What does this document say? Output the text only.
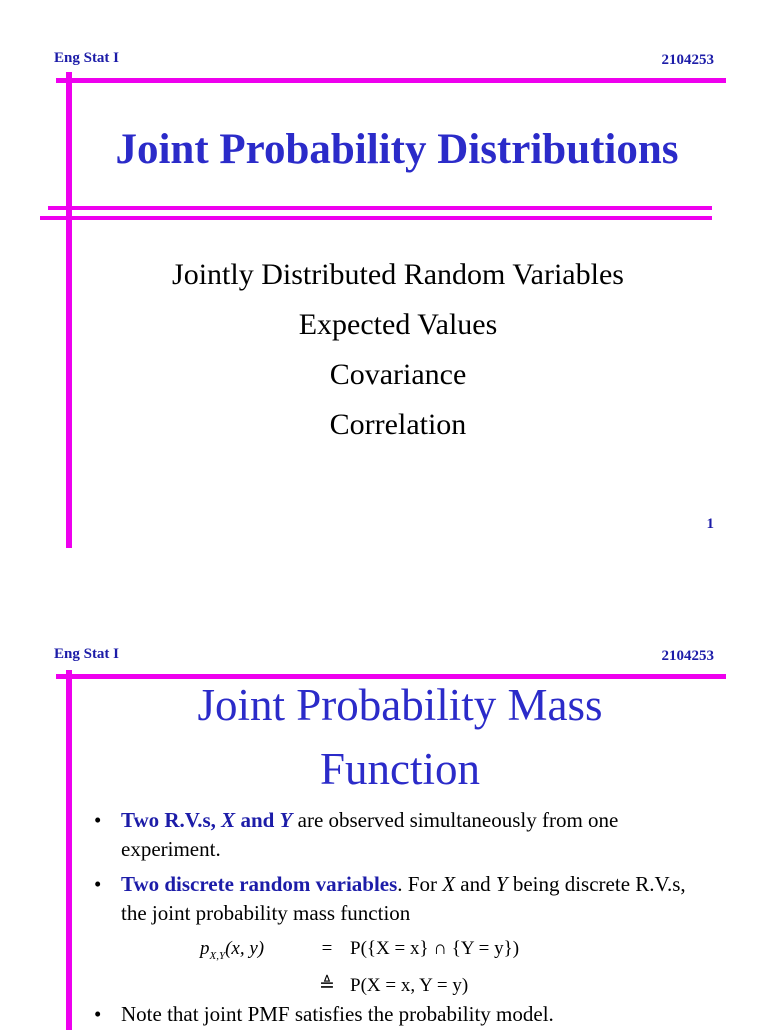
Eng Stat I	2104253
Joint Probability Distributions
Jointly Distributed Random Variables
Expected Values
Covariance
Correlation
1
Eng Stat I	2104253
Joint Probability Mass
Function
• Two R.V.s, X and Y are observed simultaneously from one experiment.
• Two discrete random variables. For X and Y being discrete R.V.s, the joint probability mass function
$p_{X,Y}(x$, y)	= P({X = x} ∩ {Y = y})
≜ P(X = x, Y = y)
• Note that joint PMF satisfies the probability model.
